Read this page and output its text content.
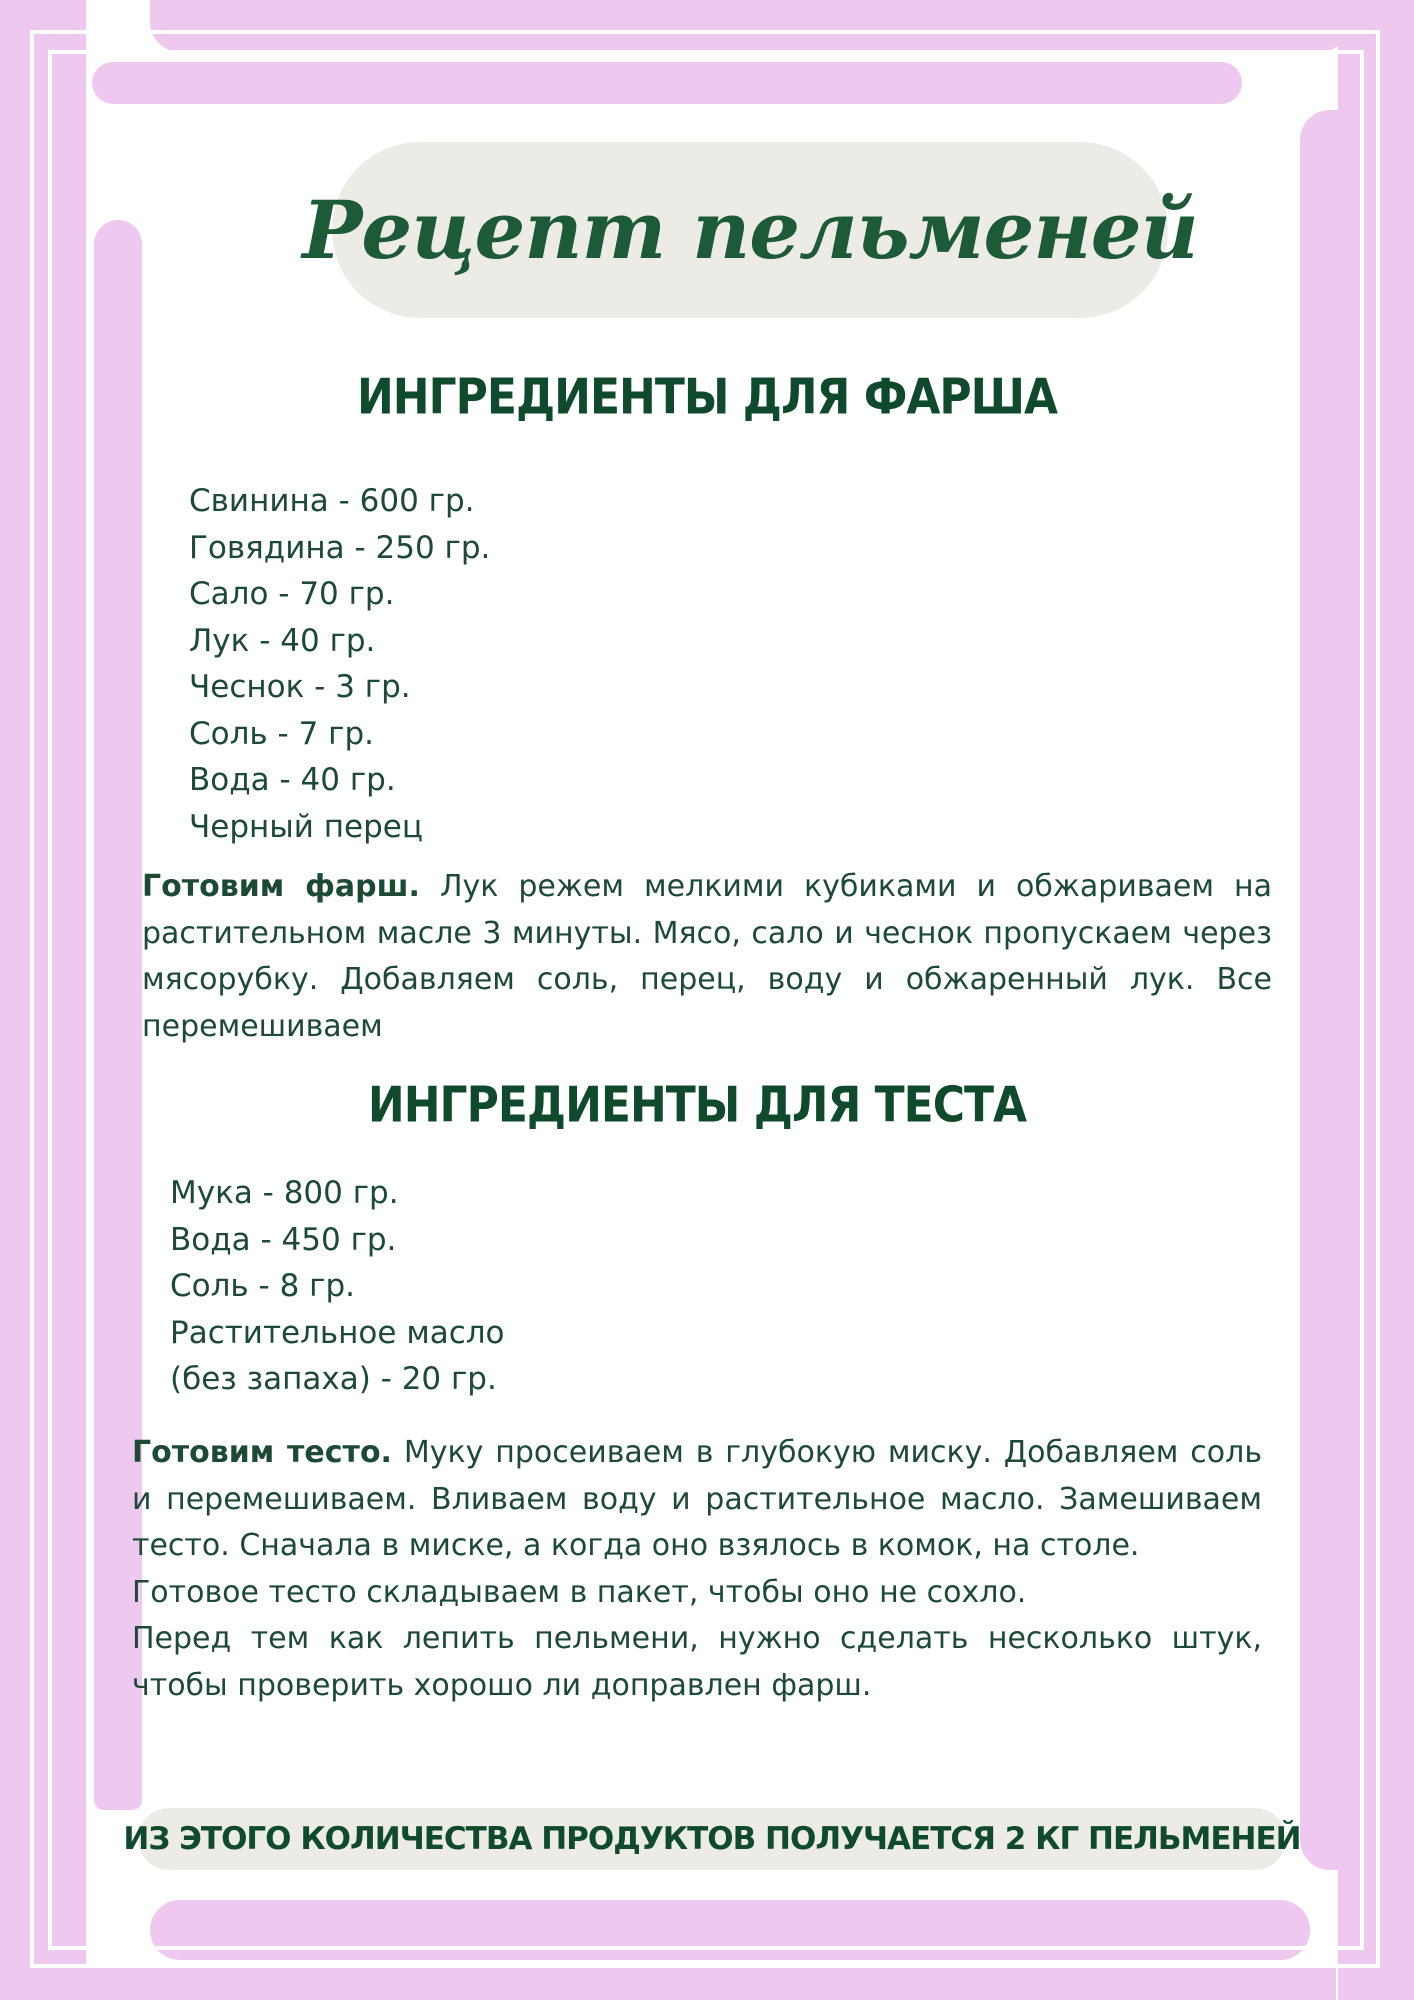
Рецепт пельменей
ИНГРЕДИЕНТЫ ДЛЯ ФАРША
Свинина - 600 гр.
Говядина - 250 гр.
Сало - 70 гр.
Лук - 40 гр.
Чеснок - 3 гр.
Соль - 7 гр.
Вода - 40 гр.
Черный перец

Готовим фарш. Лук режем мелкими кубиками и обжариваем на растительном масле 3 минуты. Мясо, сало и чеснок пропускаем через мясорубку. Добавляем соль, перец, воду и обжаренный лук. Все перемешиваем

ИНГРЕДИЕНТЫ ДЛЯ ТЕСТА
Мука - 800 гр.
Вода - 450 гр.
Соль - 8 гр.
Растительное масло
(без запаха) - 20 гр.

Готовим тесто. Муку просеиваем в глубокую миску. Добавляем соль и перемешиваем. Вливаем воду и растительное масло. Замешиваем тесто. Сначала в миске, а когда оно взялось в комок, на столе.
Готовое тесто складываем в пакет, чтобы оно не сохло.
Перед тем как лепить пельмени, нужно сделать несколько штук, чтобы проверить хорошо ли доправлен фарш.

ИЗ ЭТОГО КОЛИЧЕСТВА ПРОДУКТОВ ПОЛУЧАЕТСЯ 2 КГ ПЕЛЬМЕНЕЙ
